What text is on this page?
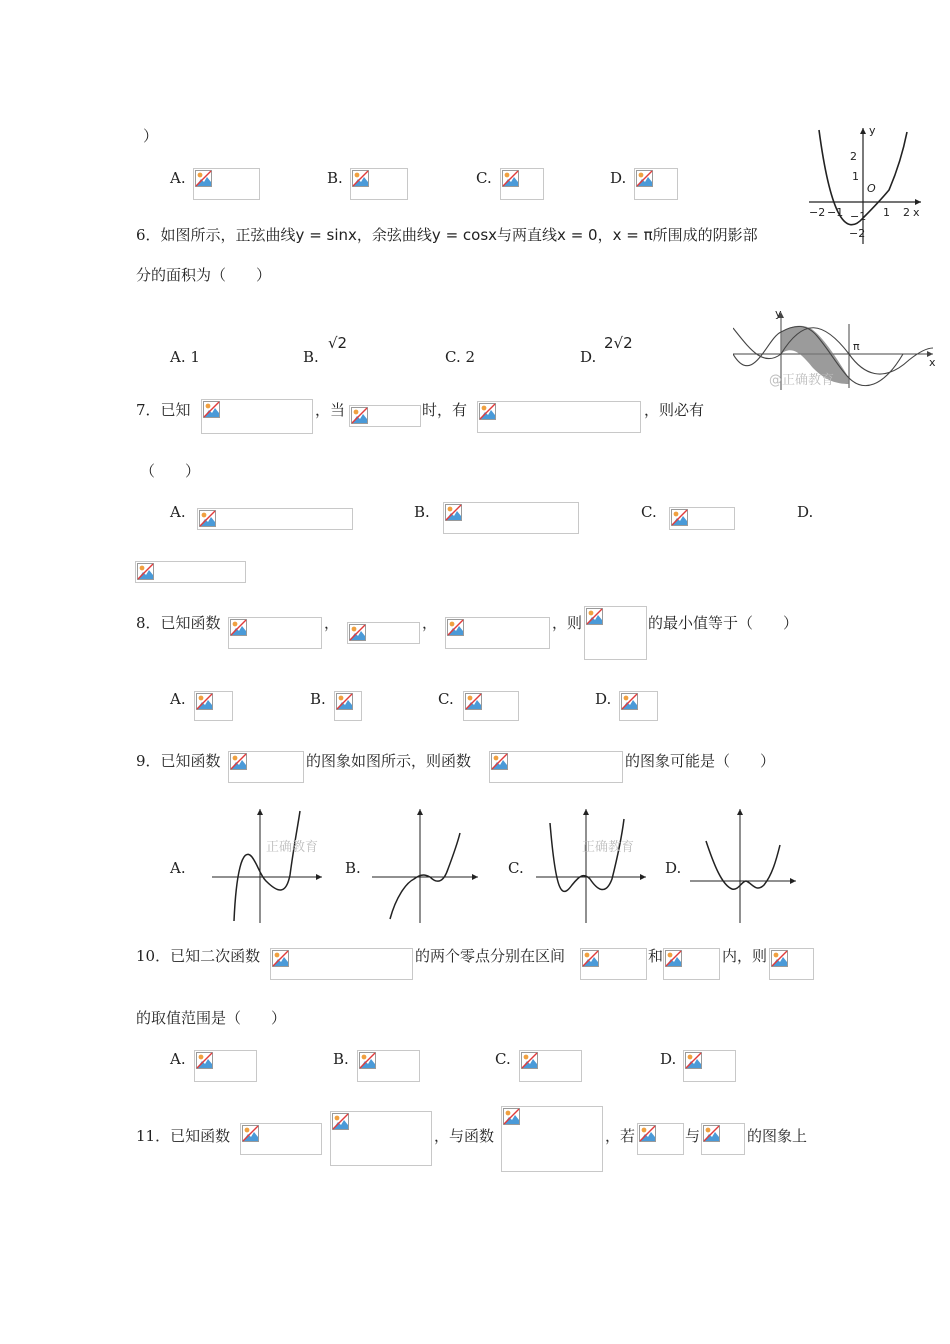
）
A.	B.	C.	D.
y
x
O
2
1
−2
−1
−1
−2	1 2
6．如图所示，正弦曲线y = sinx，余弦曲线y = cosx与两直线x = 0，x = π所围成的阴影部
分的面积为（　　）
A. 1	B.
√2
C. 2	D.
2√2
y
x
π
@正确教育
7．已知	，当	时，有	，则必有
（　　）
A.	B.	C.	D.
8．已知函数	，	，	，则	的最小值等于（　　）
A.	B.	C.	D.
9．已知函数	的图象如图所示，则函数	的图象可能是（　　）
A.	B.	C.	D.
正确教育	正确教育
10．已知二次函数	的两个零点分别在区间	和	内，则
的取值范围是（　　）
A.	B.	C.	D.
11．已知函数	，与函数	，若	与	的图象上
